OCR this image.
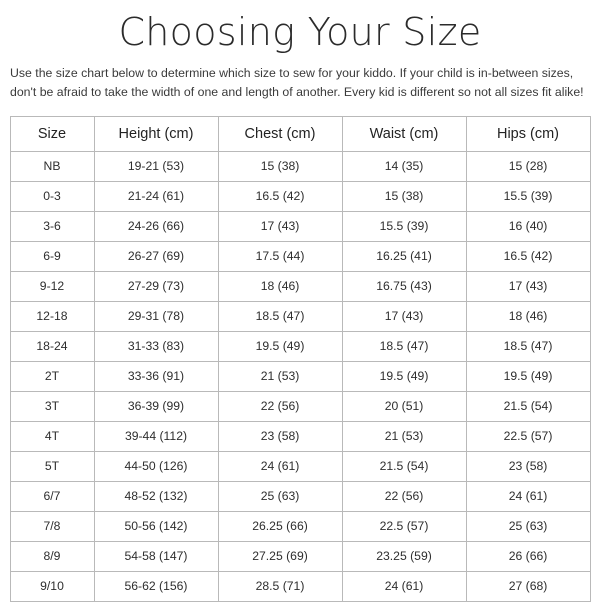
Choosing Your Size

Use the size chart below to determine which size to sew for your kiddo. If your child is in-between sizes, don't be afraid to take the width of one and length of another. Every kid is different so not all sizes fit alike!

Size	Height (cm)	Chest (cm)	Waist (cm)	Hips (cm)
NB	19-21 (53)	15 (38)	14 (35)	15 (28)
0-3	21-24 (61)	16.5 (42)	15 (38)	15.5 (39)
3-6	24-26 (66)	17 (43)	15.5 (39)	16 (40)
6-9	26-27 (69)	17.5 (44)	16.25 (41)	16.5 (42)
9-12	27-29 (73)	18 (46)	16.75 (43)	17 (43)
12-18	29-31 (78)	18.5 (47)	17 (43)	18 (46)
18-24	31-33 (83)	19.5 (49)	18.5 (47)	18.5 (47)
2T	33-36 (91)	21 (53)	19.5 (49)	19.5 (49)
3T	36-39 (99)	22 (56)	20 (51)	21.5 (54)
4T	39-44 (112)	23 (58)	21 (53)	22.5 (57)
5T	44-50 (126)	24 (61)	21.5 (54)	23 (58)
6/7	48-52 (132)	25 (63)	22 (56)	24 (61)
7/8	50-56 (142)	26.25 (66)	22.5 (57)	25 (63)
8/9	54-58 (147)	27.25 (69)	23.25 (59)	26 (66)
9/10	56-62 (156)	28.5 (71)	24 (61)	27 (68)
